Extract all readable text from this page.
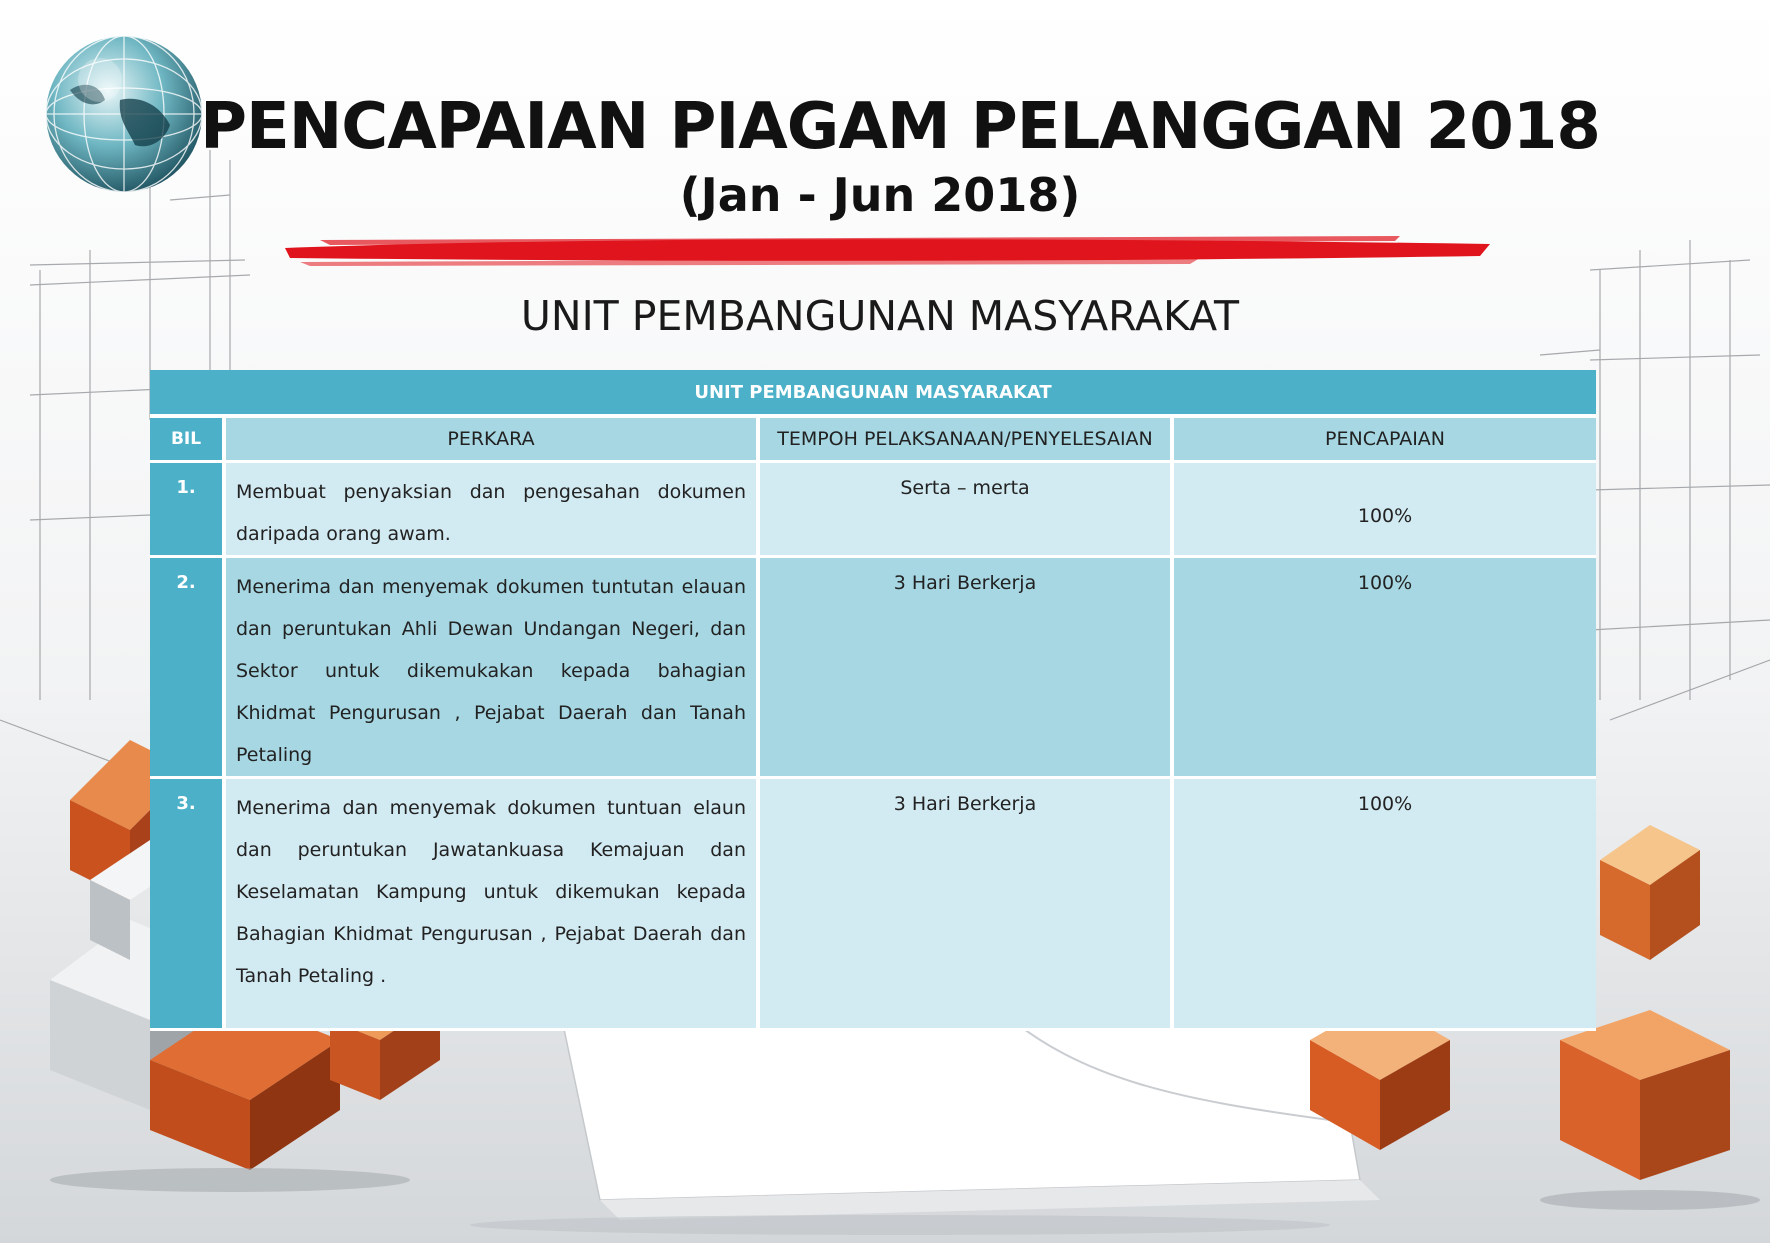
PENCAPAIAN PIAGAM PELANGGAN 2018
(Jan - Jun 2018)
UNIT PEMBANGUNAN MASYARAKAT
UNIT PEMBANGUNAN MASYARAKAT			
BIL	PERKARA	TEMPOH PELAKSANAAN/PENYELESAIAN	PENCAPAIAN
1.	Membuat penyaksian dan pengesahan dokumen daripada orang awam.	Serta – merta	100%
2.	Menerima dan menyemak dokumen tuntutan elauan dan peruntukan Ahli Dewan Undangan Negeri, dan Sektor untuk dikemukakan kepada bahagian Khidmat Pengurusan , Pejabat Daerah dan Tanah Petaling	3 Hari Berkerja	100%
3.	Menerima dan menyemak dokumen tuntuan elaun dan peruntukan Jawatankuasa Kemajuan dan Keselamatan Kampung untuk dikemukan kepada Bahagian Khidmat Pengurusan , Pejabat Daerah dan Tanah Petaling .	3 Hari Berkerja	100%
